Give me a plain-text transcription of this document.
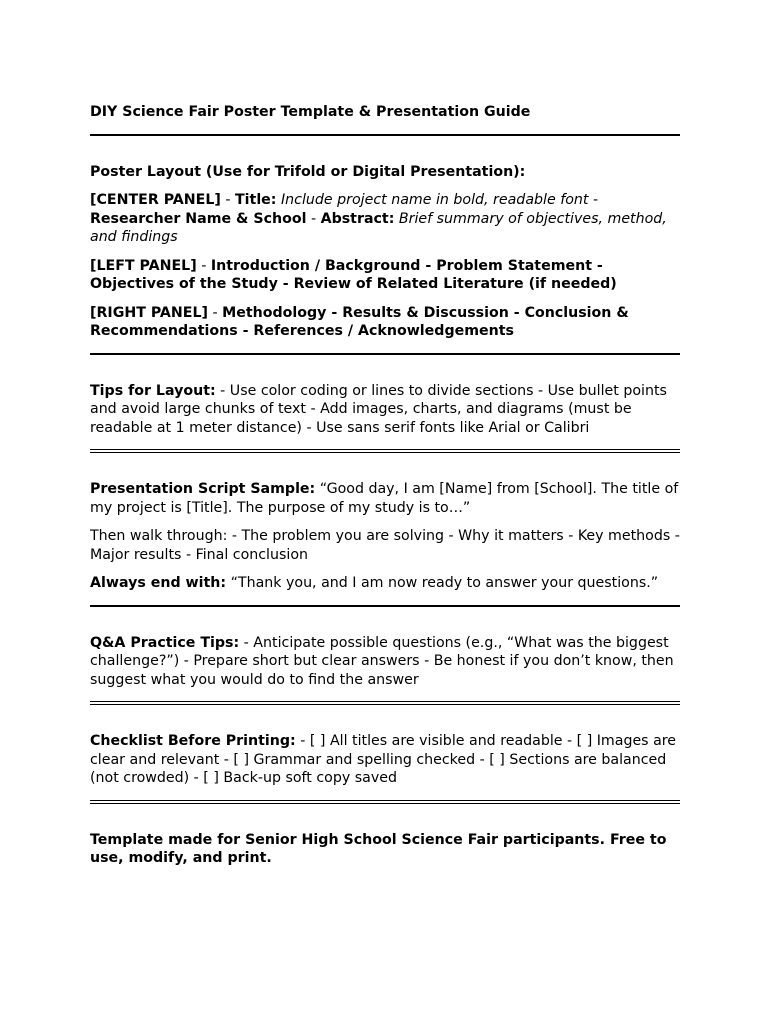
DIY Science Fair Poster Template & Presentation Guide

Poster Layout (Use for Trifold or Digital Presentation):

[CENTER PANEL] - Title: Include project name in bold, readable font - Researcher Name & School - Abstract: Brief summary of objectives, method, and findings

[LEFT PANEL] - Introduction / Background - Problem Statement - Objectives of the Study - Review of Related Literature (if needed)

[RIGHT PANEL] - Methodology - Results & Discussion - Conclusion & Recommendations - References / Acknowledgements

Tips for Layout: - Use color coding or lines to divide sections - Use bullet points and avoid large chunks of text - Add images, charts, and diagrams (must be readable at 1 meter distance) - Use sans serif fonts like Arial or Calibri

Presentation Script Sample: “Good day, I am [Name] from [School]. The title of my project is [Title]. The purpose of my study is to…”

Then walk through: - The problem you are solving - Why it matters - Key methods - Major results - Final conclusion

Always end with: “Thank you, and I am now ready to answer your questions.”

Q&A Practice Tips: - Anticipate possible questions (e.g., “What was the biggest challenge?”) - Prepare short but clear answers - Be honest if you don’t know, then suggest what you would do to find the answer

Checklist Before Printing: - [ ] All titles are visible and readable - [ ] Images are clear and relevant - [ ] Grammar and spelling checked - [ ] Sections are balanced (not crowded) - [ ] Back-up soft copy saved

Template made for Senior High School Science Fair participants. Free to use, modify, and print.
